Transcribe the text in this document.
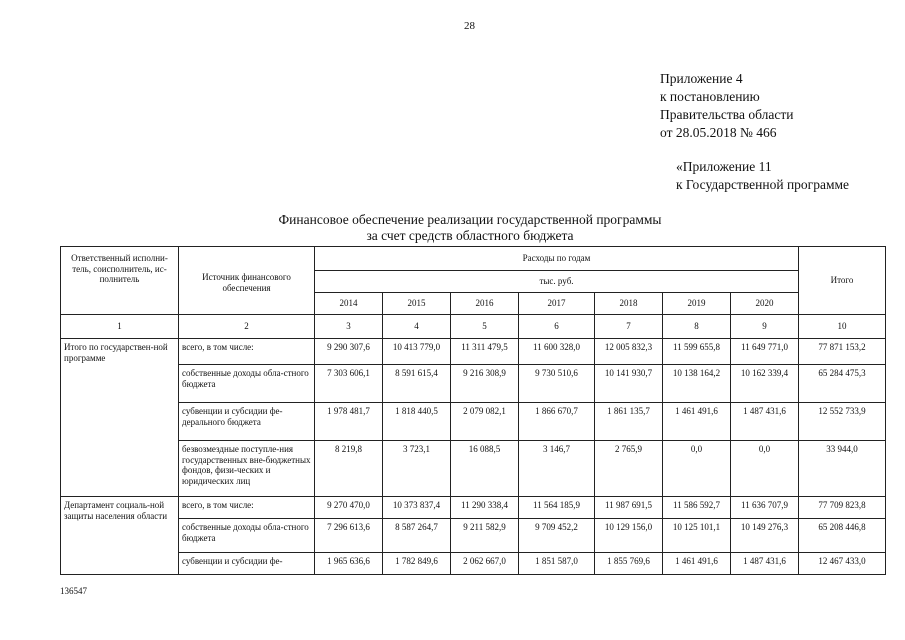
28
Приложение 4
к постановлению
Правительства области
от 28.05.2018 № 466
«Приложение 11
к Государственной программе
Финансовое обеспечение реализации государственной программы
за счет средств областного бюджета
Ответственный исполни-тель, соисполнитель, ис-полнитель	Источник финансового обеспечения	Расходы по годам							Итого
		тыс. руб.							
		2014	2015	2016	2017	2018	2019	2020	
1	2	3	4	5	6	7	8	9	10
Итого по государствен-ной программе	всего, в том числе:	9 290 307,6	10 413 779,0	11 311 479,5	11 600 328,0	12 005 832,3	11 599 655,8	11 649 771,0	77 871 153,2
	собственные доходы обла-стного бюджета	7 303 606,1	8 591 615,4	9 216 308,9	9 730 510,6	10 141 930,7	10 138 164,2	10 162 339,4	65 284 475,3
	субвенции и субсидии фе-дерального бюджета	1 978 481,7	1 818 440,5	2 079 082,1	1 866 670,7	1 861 135,7	1 461 491,6	1 487 431,6	12 552 733,9
	безвозмездные поступле-ния государственных вне-бюджетных фондов, физи-ческих и юридических лиц	8 219,8	3 723,1	16 088,5	3 146,7	2 765,9	0,0	0,0	33 944,0
Департамент социаль-ной защиты населения области	всего, в том числе:	9 270 470,0	10 373 837,4	11 290 338,4	11 564 185,9	11 987 691,5	11 586 592,7	11 636 707,9	77 709 823,8
	собственные доходы обла-стного бюджета	7 296 613,6	8 587 264,7	9 211 582,9	9 709 452,2	10 129 156,0	10 125 101,1	10 149 276,3	65 208 446,8
	субвенции и субсидии фе-	1 965 636,6	1 782 849,6	2 062 667,0	1 851 587,0	1 855 769,6	1 461 491,6	1 487 431,6	12 467 433,0
136547
